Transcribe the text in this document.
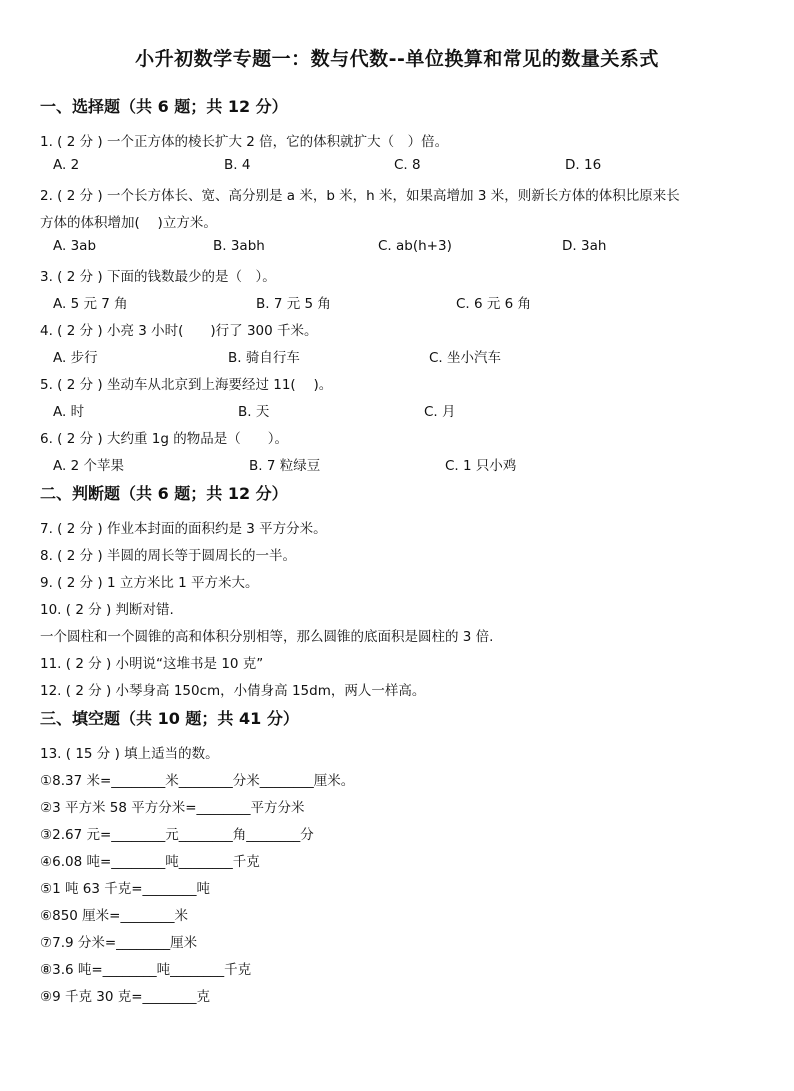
小升初数学专题一：数与代数--单位换算和常见的数量关系式
一、选择题（共 6 题；共 12 分）
1. ( 2 分 ) 一个正方体的棱长扩大 2 倍，它的体积就扩大（　）倍。
A. 2	B. 4	C. 8	D. 16
2. ( 2 分 ) 一个长方体长、宽、高分别是 a 米，b 米，h 米，如果高增加 3 米，则新长方体的体积比原来长
方体的体积增加(　 )立方米。
A. 3ab	B. 3abh	C. ab(h+3)	D. 3ah
3. ( 2 分 ) 下面的钱数最少的是（　）。
A. 5 元 7 角	B. 7 元 5 角	C. 6 元 6 角
4. ( 2 分 ) 小亮 3 小时(　　)行了 300 千米。
A. 步行	B. 骑自行车	C. 坐小汽车
5. ( 2 分 ) 坐动车从北京到上海要经过 11(　 )。
A. 时	B. 天	C. 月
6. ( 2 分 ) 大约重 1g 的物品是（　　）。
A. 2 个苹果	B. 7 粒绿豆	C. 1 只小鸡
二、判断题（共 6 题；共 12 分）
7. ( 2 分 ) 作业本封面的面积约是 3 平方分米。
8. ( 2 分 ) 半圆的周长等于圆周长的一半。
9. ( 2 分 ) 1 立方米比 1 平方米大。
10. ( 2 分 ) 判断对错.
一个圆柱和一个圆锥的高和体积分别相等，那么圆锥的底面积是圆柱的 3 倍.
11. ( 2 分 ) 小明说“这堆书是 10 克”
12. ( 2 分 ) 小琴身高 150cm，小倩身高 15dm，两人一样高。
三、填空题（共 10 题；共 41 分）
13. ( 15 分 ) 填上适当的数。
①8.37 米=________米________分米________厘米。
②3 平方米 58 平方分米=________平方分米
③2.67 元=________元________角________分
④6.08 吨=________吨________千克
⑤1 吨 63 千克=________吨
⑥850 厘米=________米
⑦7.9 分米=________厘米
⑧3.6 吨=________吨________千克
⑨9 千克 30 克=________克
